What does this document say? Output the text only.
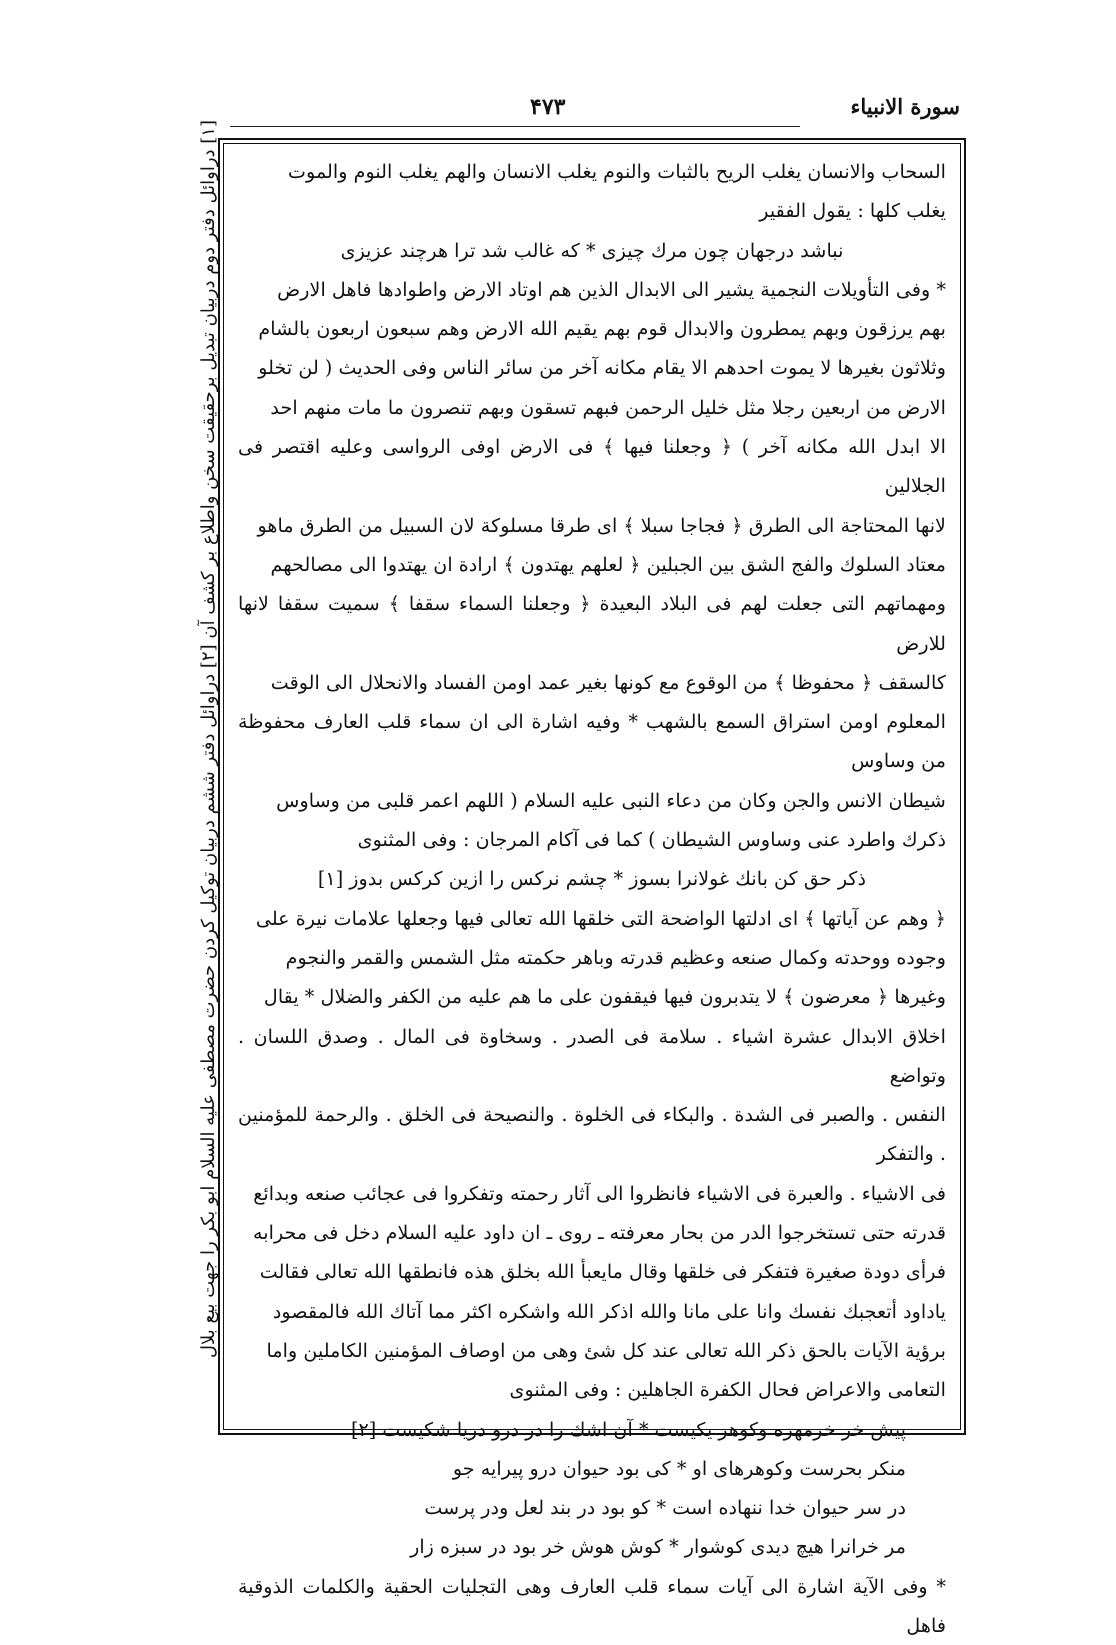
سورة الانبياء
۴۷۳
[١] دراوائل دفتر دوم دربيان تبديل برحقيقت سخن واطلاع بر كشف آن [٢] دراوائل دفتر ششم دربيان توكيل كردن حضرت مصطفى عليه السلام ابو بكر را جهت بيع بلال

السحاب والانسان يغلب الريح بالثبات والنوم يغلب الانسان والهم يغلب النوم والموت

يغلب كلها : يقول الفقير

نباشد درجهان چون مرك چيزى * كه غالب شد ترا هرچند عزيزى

* وفى التأويلات النجمية يشير الى الابدال الذين هم اوتاد الارض واطوادها فاهل الارض

بهم يرزقون وبهم يمطرون والابدال قوم بهم يقيم الله الارض وهم سبعون اربعون بالشام

وثلاثون بغيرها لا يموت احدهم الا يقام مكانه آخر من سائر الناس وفى الحديث ( لن تخلو

الارض من اربعين رجلا مثل خليل الرحمن فبهم تسقون وبهم تنصرون ما مات منهم احد

الا ابدل الله مكانه آخر ) ﴿ وجعلنا فيها ﴾ فى الارض اوفى الرواسى وعليه اقتصر فى الجلالين

لانها المحتاجة الى الطرق ﴿ فجاجا سبلا ﴾ اى طرقا مسلوكة لان السبيل من الطرق ماهو

معتاد السلوك والفج الشق بين الجبلين ﴿ لعلهم يهتدون ﴾ ارادة ان يهتدوا الى مصالحهم

ومهماتهم التى جعلت لهم فى البلاد البعيدة ﴿ وجعلنا السماء سقفا ﴾ سميت سقفا لانها للارض

كالسقف ﴿ محفوظا ﴾ من الوقوع مع كونها بغير عمد اومن الفساد والانحلال الى الوقت

المعلوم اومن استراق السمع بالشهب * وفيه اشارة الى ان سماء قلب العارف محفوظة من وساوس

شيطان الانس والجن وكان من دعاء النبى عليه السلام ( اللهم اعمر قلبى من وساوس

ذكرك واطرد عنى وساوس الشيطان ) كما فى آكام المرجان : وفى المثنوى

ذكر حق كن بانك غولانرا بسوز * چشم نركس را ازين كركس بدوز [١]

﴿ وهم عن آياتها ﴾ اى ادلتها الواضحة التى خلقها الله تعالى فيها وجعلها علامات نيرة على

وجوده ووحدته وكمال صنعه وعظيم قدرته وباهر حكمته مثل الشمس والقمر والنجوم

وغيرها ﴿ معرضون ﴾ لا يتدبرون فيها فيقفون على ما هم عليه من الكفر والضلال * يقال

اخلاق الابدال عشرة اشياء . سلامة فى الصدر . وسخاوة فى المال . وصدق اللسان . وتواضع

النفس . والصبر فى الشدة . والبكاء فى الخلوة . والنصيحة فى الخلق . والرحمة للمؤمنين . والتفكر

فى الاشياء . والعبرة فى الاشياء فانظروا الى آثار رحمته وتفكروا فى عجائب صنعه وبدائع

قدرته حتى تستخرجوا الدر من بحار معرفته ـ روى ـ ان داود عليه السلام دخل فى محرابه

فرأى دودة صغيرة فتفكر فى خلقها وقال مايعبأ الله بخلق هذه فانطقها الله تعالى فقالت

ياداود أتعجبك نفسك وانا على مانا والله اذكر الله واشكره اكثر مما آتاك الله فالمقصود

برؤية الآيات بالحق ذكر الله تعالى عند كل شئ وهى من اوصاف المؤمنين الكاملين واما

التعامى والاعراض فحال الكفرة الجاهلين : وفى المثنوى

پيش خر خرمهره وكوهر يكيست * آن اشك را در درو دريا شكيست [٢]

منكر بحرست وكوهرهاى او * كى بود حيوان درو پيرايه جو

در سر حيوان خدا ننهاده است * كو بود در بند لعل ودر پرست

مر خرانرا هيچ ديدى كوشوار * كوش هوش خر بود در سبزه زار

* وفى الآية اشارة الى آيات سماء قلب العارف وهى التجليات الحقية والكلمات الذوقية فاهل
